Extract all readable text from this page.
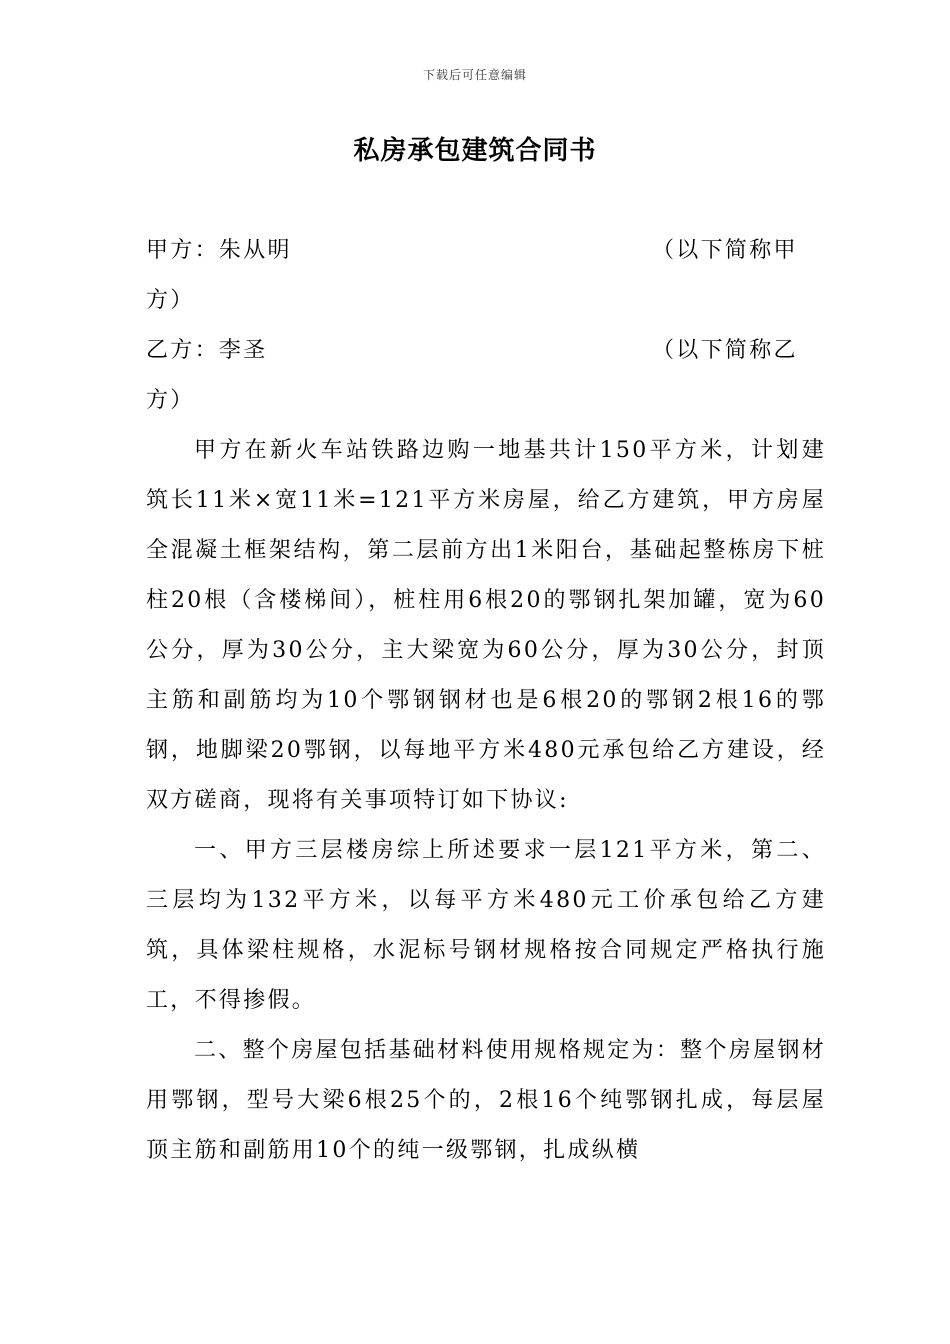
下载后可任意编辑
私房承包建筑合同书
甲方：朱从明	（以下简称甲
方）
乙方：李圣	（以下简称乙
方）

甲方在新火车站铁路边购一地基共计150平方米，计划建筑长11米×宽11米=121平方米房屋，给乙方建筑，甲方房屋全混凝土框架结构，第二层前方出1米阳台，基础起整栋房下桩柱20根（含楼梯间），桩柱用6根20的鄂钢扎架加罐，宽为60公分，厚为30公分，主大梁宽为60公分，厚为30公分，封顶主筋和副筋均为10个鄂钢钢材也是6根20的鄂钢2根16的鄂钢，地脚梁20鄂钢，以每地平方米480元承包给乙方建设，经双方磋商，现将有关事项特订如下协议:

一、甲方三层楼房综上所述要求一层121平方米，第二、三层均为132平方米，以每平方米480元工价承包给乙方建筑，具体梁柱规格，水泥标号钢材规格按合同规定严格执行施工，不得掺假。

二、整个房屋包括基础材料使用规格规定为：整个房屋钢材用鄂钢，型号大梁6根25个的，2根16个纯鄂钢扎成，每层屋顶主筋和副筋用10个的纯一级鄂钢，扎成纵横
